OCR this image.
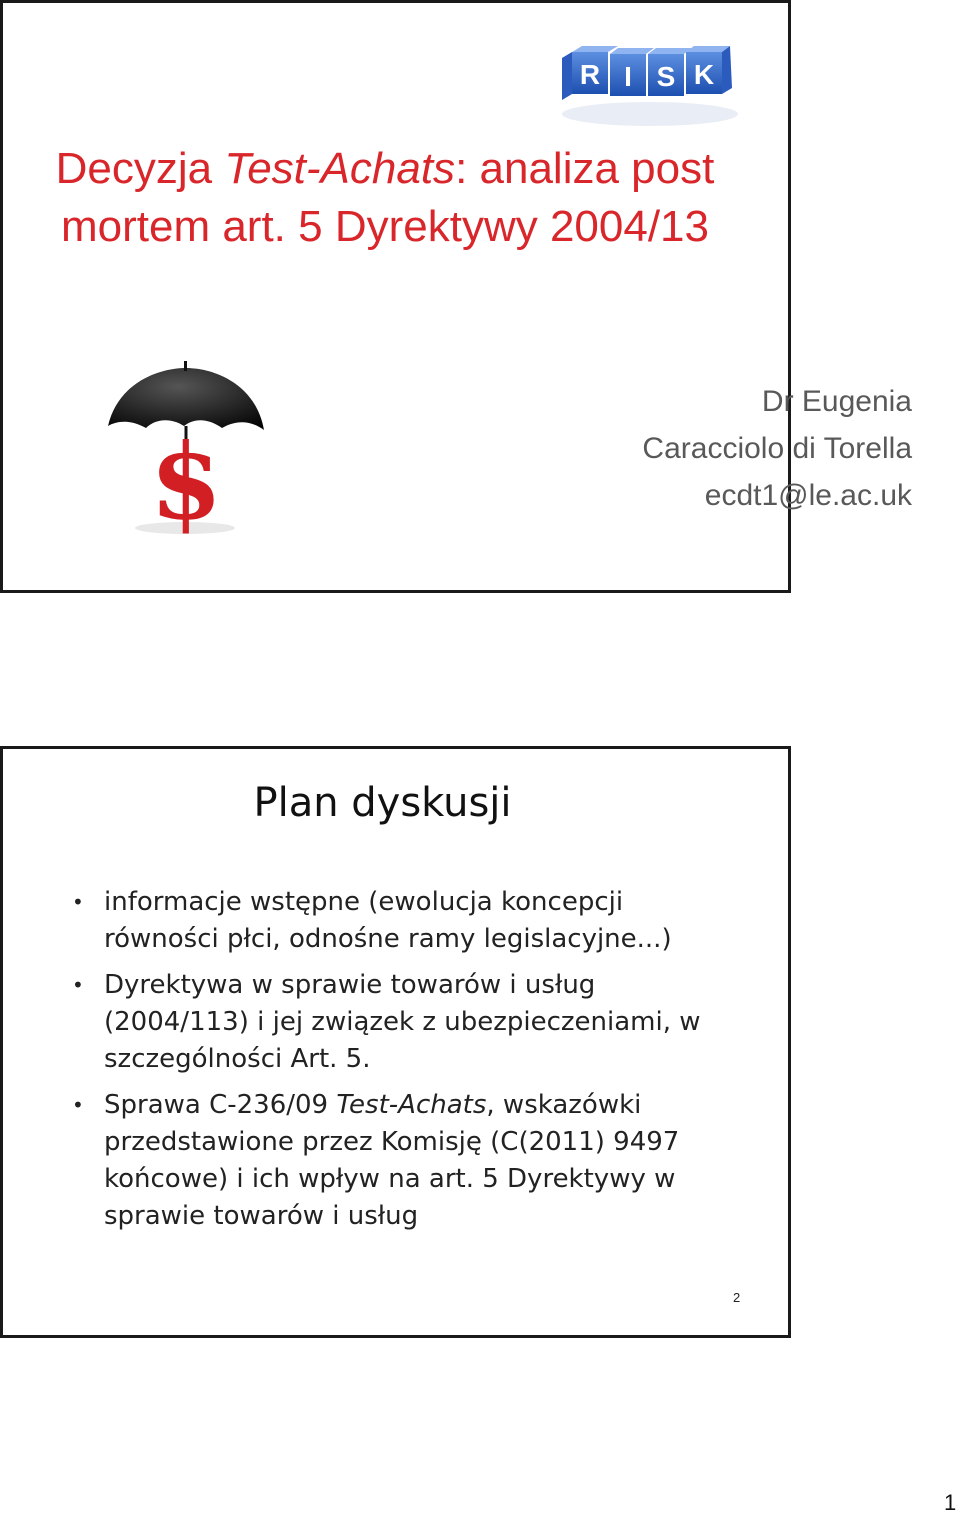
R I S K
Decyzja Test-Achats: analiza post mortem art. 5 Dyrektywy 2004/13
$
Dr Eugenia
Caracciolo di Torella
ecdt1@le.ac.uk
Plan dyskusji
• informacje wstępne (ewolucja koncepcji równości płci, odnośne ramy legislacyjne...)
• Dyrektywa w sprawie towarów i usług (2004/113) i jej związek z ubezpieczeniami, w szczególności Art. 5.
• Sprawa C-236/09 Test-Achats, wskazówki przedstawione przez Komisję (C(2011) 9497 końcowe) i ich wpływ na art. 5 Dyrektywy w sprawie towarów i usług
2
1
